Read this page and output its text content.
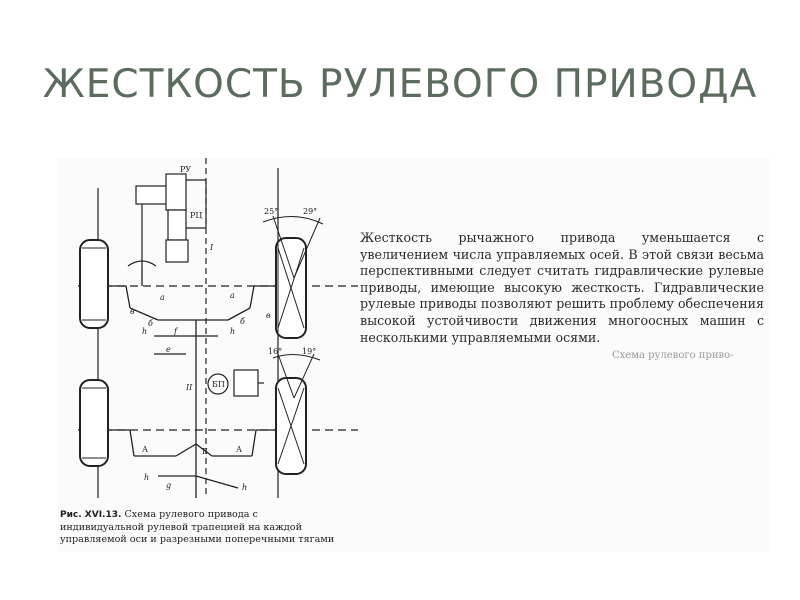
ЖЕСТКОСТЬ РУЛЕВОГО ПРИВОДА
РУ
РЦ
БП
25°	29°
16° 19°
а	а
б	б
в	в
f
e
h	h
I
II
А	А
Б
g
h
h

Жесткость рычажного привода уменьшается с увеличением числа управляемых осей. В этой связи весьма перспективными следует считать гидравлические рулевые приводы, имеющие высокую жесткость. Гидравлические рулевые приводы позволяют решить проблему обеспечения высокой устойчивости движения многоосных машин с несколькими управляемыми осями.

Схема рулевого приво-

Рис. XVI.13. Схема рулевого привода с индивидуальной рулевой трапецией на каждой управляемой оси и разрезными поперечными тягами
